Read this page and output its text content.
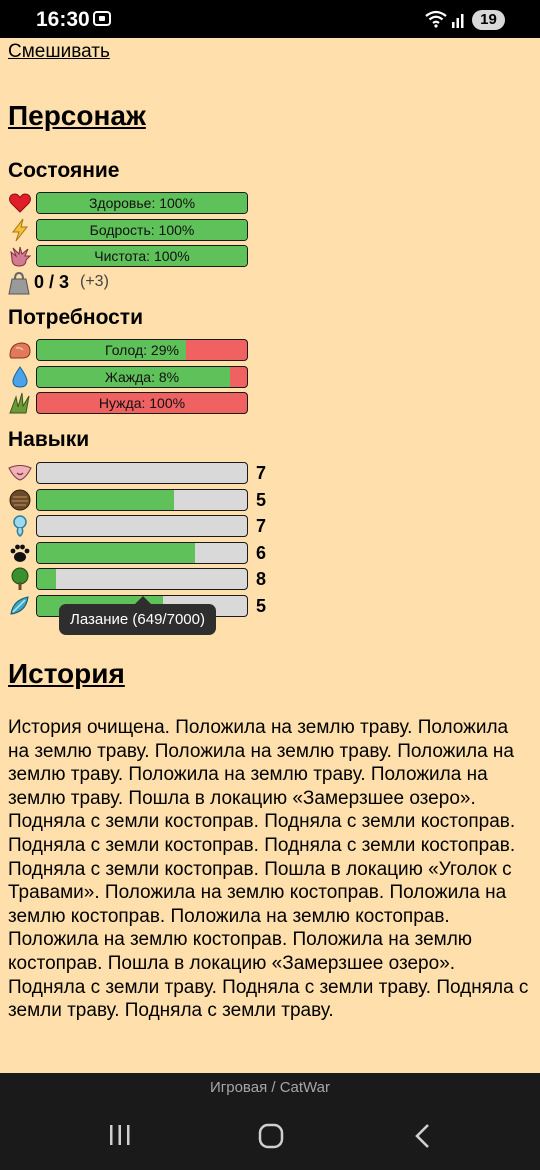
16:30	19
Смешивать
Персонаж
Состояние
Здоровье: 100%
Бодрость: 100%
Чистота: 100%
0 / 3 (+3)
Потребности
Голод: 29%
Жажда: 8%
Нужда: 100%
Навыки
7
5
7
6
8
5
Лазание (649/7000)
История
История очищена. Положила на землю траву. Положила на землю траву. Положила на землю траву. Положила на землю траву. Положила на землю траву. Положила на землю траву. Пошла в локацию «Замерзшее озеро». Подняла с земли костоправ. Подняла с земли костоправ. Подняла с земли костоправ. Подняла с земли костоправ. Подняла с земли костоправ. Пошла в локацию «Уголок с Травами». Положила на землю костоправ. Положила на землю костоправ. Положила на землю костоправ. Положила на землю костоправ. Положила на землю костоправ. Пошла в локацию «Замерзшее озеро». Подняла с земли траву. Подняла с земли траву. Подняла с земли траву. Подняла с земли траву.
Игровая / CatWar
